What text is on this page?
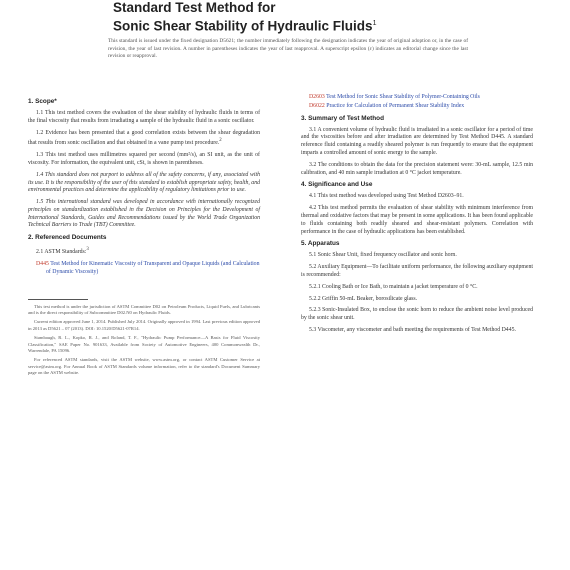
Standard Test Method for
Sonic Shear Stability of Hydraulic Fluids$^1$
This standard is issued under the fixed designation D5621; the number immediately following the designation indicates the year of original adoption or, in the case of revision, the year of last revision. A number in parentheses indicates the year of last reapproval. A superscript epsilon (ε) indicates an editorial change since the last revision or reapproval.
1. Scope*

1.1 This test method covers the evaluation of the shear stability of hydraulic fluids in terms of the final viscosity that results from irradiating a sample of the hydraulic fluid in a sonic oscillator.

1.2 Evidence has been presented that a good correlation exists between the shear degradation that results from sonic oscillation and that obtained in a vane pump test procedure.$^2$

1.3 This test method uses millimetres squared per second (mm²/s), an SI unit, as the unit of viscosity. For information, the equivalent unit, cSt, is shown in parentheses.

1.4 This standard does not purport to address all of the safety concerns, if any, associated with its use. It is the responsibility of the user of this standard to establish appropriate safety, health, and environmental practices and determine the applicability of regulatory limitations prior to use.

1.5 This international standard was developed in accordance with internationally recognized principles on standardization established in the Decision on Principles for the Development of International Standards, Guides and Recommendations issued by the World Trade Organization Technical Barriers to Trade (TBT) Committee.

2. Referenced Documents

2.1 ASTM Standards:$^3$

D445 Test Method for Kinematic Viscosity of Transparent and Opaque Liquids (and Calculation of Dynamic Viscosity)

This test method is under the jurisdiction of ASTM Committee D02 on Petroleum Products, Liquid Fuels, and Lubricants and is the direct responsibility of Subcommittee D02.N0 on Hydraulic Fluids.

Current edition approved June 1, 2014. Published July 2014. Originally approved in 1994. Last previous edition approved in 2013 as D5621 – 07 (2013). DOI: 10.1520/D5621-07R14.

Stambaugh, R. L., Kopko, R. J., and Roland, T. F., "Hydraulic Pump Performance—A Basis for Fluid Viscosity Classification," SAE Paper No. 901633, Available from Society of Automotive Engineers, 400 Commonwealth Dr., Warrendale, PA 15096.

For referenced ASTM standards, visit the ASTM website, www.astm.org, or contact ASTM Customer Service at service@astm.org. For Annual Book of ASTM Standards volume information, refer to the standard's Document Summary page on the ASTM website.

D2603 Test Method for Sonic Shear Stability of Polymer-Containing Oils
D6022 Practice for Calculation of Permanent Shear Stability Index
3. Summary of Test Method

3.1 A convenient volume of hydraulic fluid is irradiated in a sonic oscillator for a period of time and the viscosities before and after irradiation are determined by Test Method D445. A standard reference fluid containing a readily sheared polymer is run frequently to ensure that the equipment imparts a controlled amount of sonic energy to the sample.

3.2 The conditions to obtain the data for the precision statement were: 30-mL sample, 12.5 min calibration, and 40 min sample irradiation at 0 °C jacket temperature.

4. Significance and Use

4.1 This test method was developed using Test Method D2603–91.

4.2 This test method permits the evaluation of shear stability with minimum interference from thermal and oxidative factors that may be present in some applications. It has been found applicable to fluids containing both readily sheared and shear-resistant polymers. Correlation with performance in the case of hydraulic applications has been established.

5. Apparatus

5.1 Sonic Shear Unit, fixed frequency oscillator and sonic horn.

5.2 Auxiliary Equipment—To facilitate uniform performance, the following auxiliary equipment is recommended:

5.2.1 Cooling Bath or Ice Bath, to maintain a jacket temperature of 0 °C.

5.2.2 Griffin 50-mL Beaker, borosilicate glass.

5.2.3 Sonic-Insulated Box, to enclose the sonic horn to reduce the ambient noise level produced by the sonic shear unit.

5.3 Viscometer, any viscometer and bath meeting the requirements of Test Method D445.
